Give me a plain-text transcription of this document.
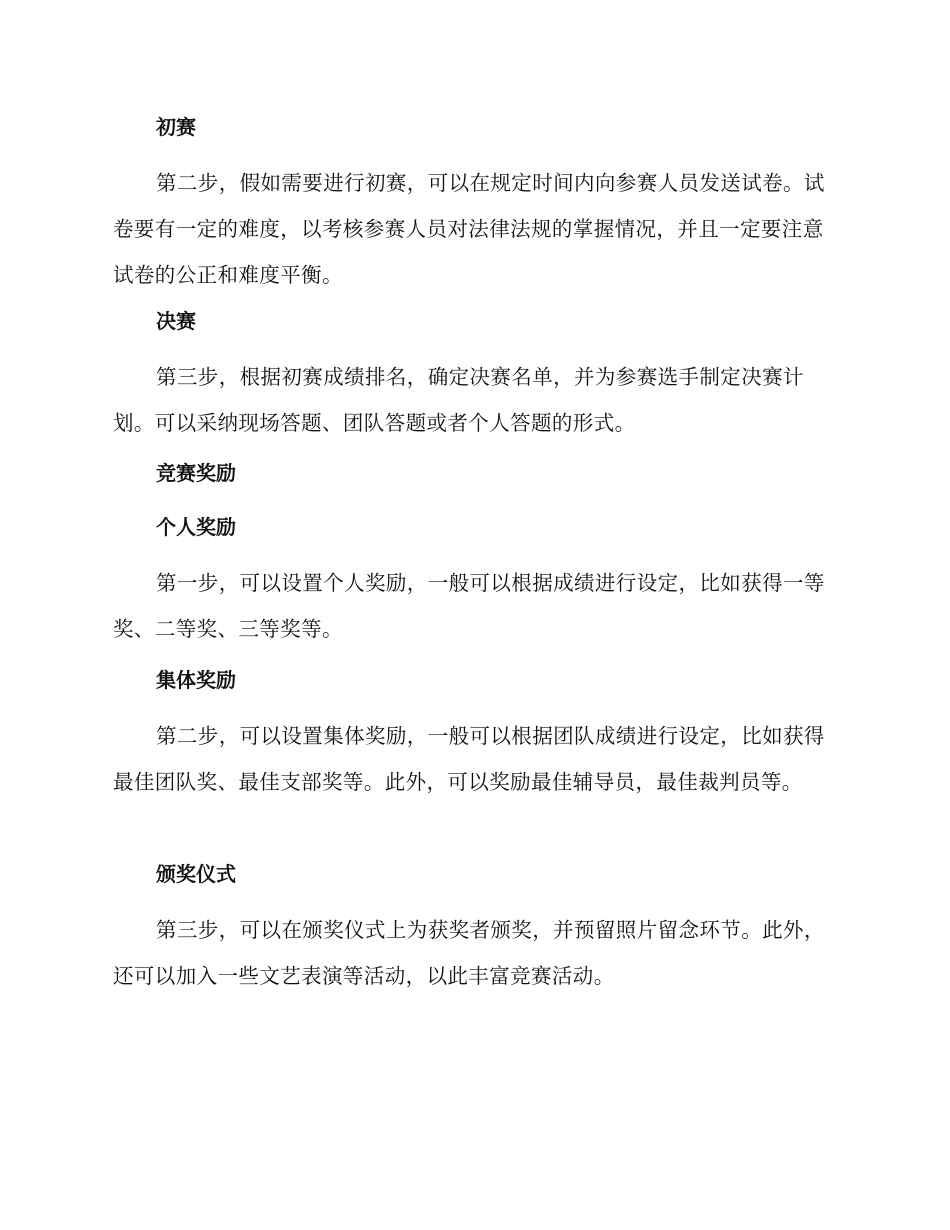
初赛

第二步，假如需要进行初赛，可以在规定时间内向参赛人员发送试卷。试卷要有一定的难度，以考核参赛人员对法律法规的掌握情况，并且一定要注意试卷的公正和难度平衡。

决赛

第三步，根据初赛成绩排名，确定决赛名单，并为参赛选手制定决赛计划。可以采纳现场答题、团队答题或者个人答题的形式。

竞赛奖励
个人奖励

第一步，可以设置个人奖励，一般可以根据成绩进行设定，比如获得一等奖、二等奖、三等奖等。

集体奖励

第二步，可以设置集体奖励，一般可以根据团队成绩进行设定，比如获得最佳团队奖、最佳支部奖等。此外，可以奖励最佳辅导员，最佳裁判员等。

颁奖仪式

第三步，可以在颁奖仪式上为获奖者颁奖，并预留照片留念环节。此外，还可以加入一些文艺表演等活动，以此丰富竞赛活动。
